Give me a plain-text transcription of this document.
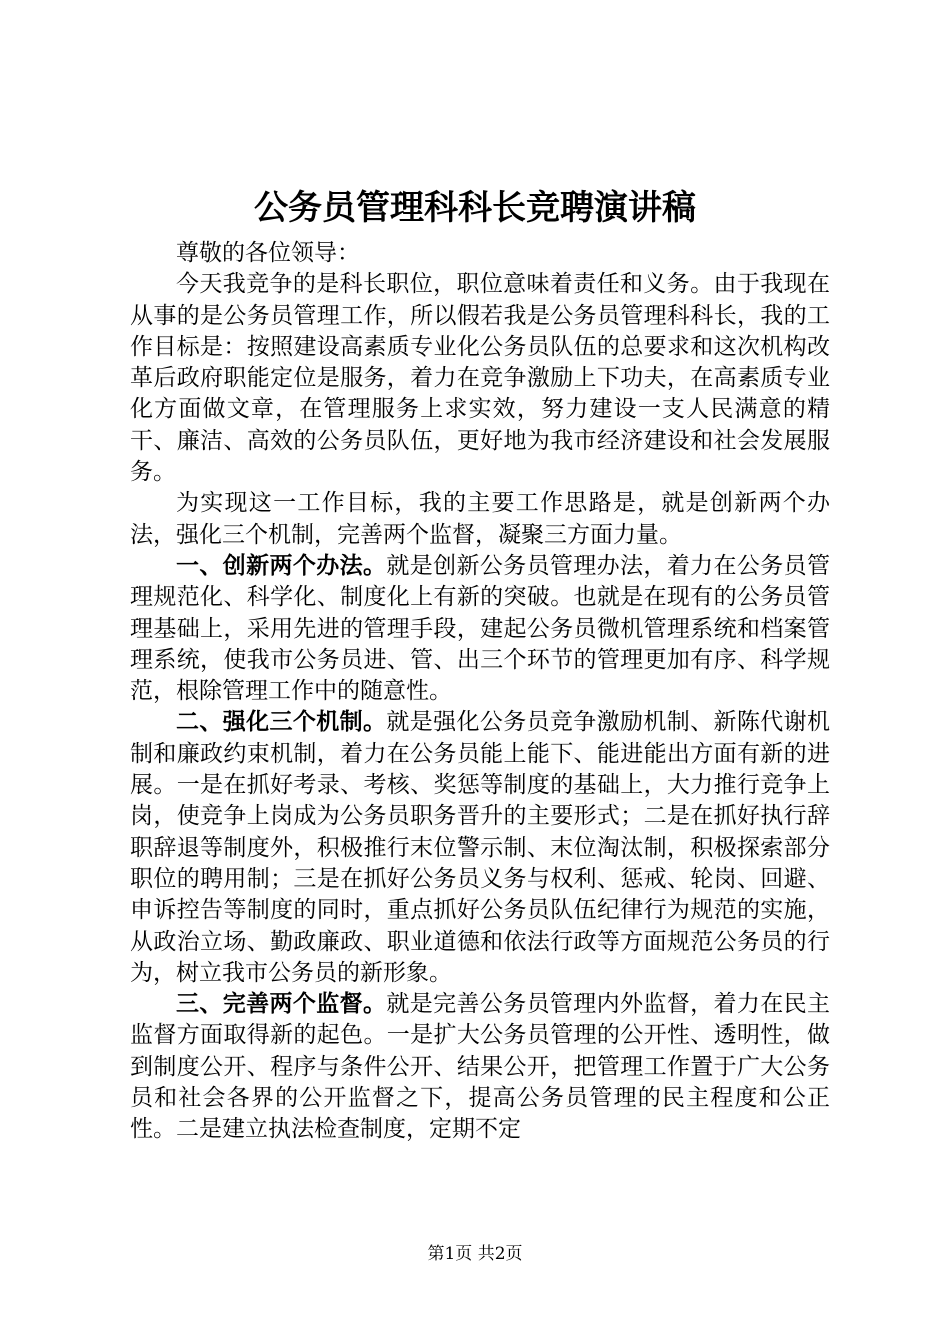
公务员管理科科长竞聘演讲稿

尊敬的各位领导：

今天我竞争的是科长职位，职位意味着责任和义务。由于我现在从事的是公务员管理工作，所以假若我是公务员管理科科长，我的工作目标是：按照建设高素质专业化公务员队伍的总要求和这次机构改革后政府职能定位是服务，着力在竞争激励上下功夫，在高素质专业化方面做文章，在管理服务上求实效，努力建设一支人民满意的精干、廉洁、高效的公务员队伍，更好地为我市经济建设和社会发展服务。

为实现这一工作目标，我的主要工作思路是，就是创新两个办法，强化三个机制，完善两个监督，凝聚三方面力量。

一、创新两个办法。就是创新公务员管理办法，着力在公务员管理规范化、科学化、制度化上有新的突破。也就是在现有的公务员管理基础上，采用先进的管理手段，建起公务员微机管理系统和档案管理系统，使我市公务员进、管、出三个环节的管理更加有序、科学规范，根除管理工作中的随意性。

二、强化三个机制。就是强化公务员竞争激励机制、新陈代谢机制和廉政约束机制，着力在公务员能上能下、能进能出方面有新的进展。一是在抓好考录、考核、奖惩等制度的基础上，大力推行竞争上岗，使竞争上岗成为公务员职务晋升的主要形式；二是在抓好执行辞职辞退等制度外，积极推行末位警示制、末位淘汰制，积极探索部分职位的聘用制；三是在抓好公务员义务与权利、惩戒、轮岗、回避、申诉控告等制度的同时，重点抓好公务员队伍纪律行为规范的实施，从政治立场、勤政廉政、职业道德和依法行政等方面规范公务员的行为，树立我市公务员的新形象。

三、完善两个监督。就是完善公务员管理内外监督，着力在民主监督方面取得新的起色。一是扩大公务员管理的公开性、透明性，做到制度公开、程序与条件公开、结果公开，把管理工作置于广大公务员和社会各界的公开监督之下，提高公务员管理的民主程度和公正性。二是建立执法检查制度，定期不定

第1页 共2页
